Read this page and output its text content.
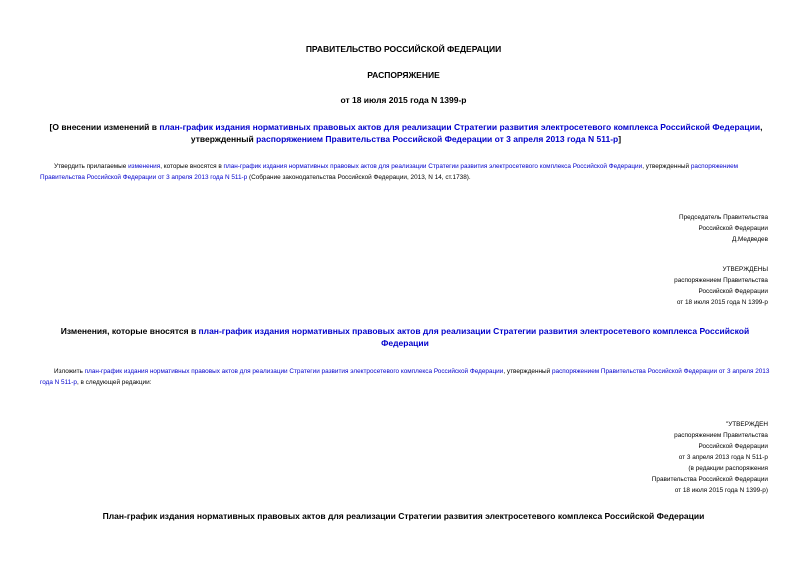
ПРАВИТЕЛЬСТВО РОССИЙСКОЙ ФЕДЕРАЦИИ
РАСПОРЯЖЕНИЕ
от 18 июля 2015 года N 1399-р
[О внесении изменений в план-график издания нормативных правовых актов для реализации Стратегии развития электросетевого комплекса Российской Федерации, утвержденный распоряжением Правительства Российской Федерации от 3 апреля 2013 года N 511-р]
Утвердить прилагаемые изменения, которые вносятся в план-график издания нормативных правовых актов для реализации Стратегии развития электросетевого комплекса Российской Федерации, утвержденный распоряжением Правительства Российской Федерации от 3 апреля 2013 года N 511-р (Собрание законодательства Российской Федерации, 2013, N 14, ст.1738).
Председатель Правительства
Российской Федерации
Д.Медведев
УТВЕРЖДЕНЫ
распоряжением Правительства
Российской Федерации
от 18 июля 2015 года N 1399-р
Изменения, которые вносятся в план-график издания нормативных правовых актов для реализации Стратегии развития электросетевого комплекса Российской Федерации
Изложить план-график издания нормативных правовых актов для реализации Стратегии развития электросетевого комплекса Российской Федерации, утвержденный распоряжением Правительства Российской Федерации от 3 апреля 2013 года N 511-р, в следующей редакции:
"УТВЕРЖДЕН
распоряжением Правительства
Российской Федерации
от 3 апреля 2013 года N 511-р
(в редакции распоряжения
Правительства Российской Федерации
от 18 июля 2015 года N 1399-р)
План-график издания нормативных правовых актов для реализации Стратегии развития электросетевого комплекса Российской Федерации
